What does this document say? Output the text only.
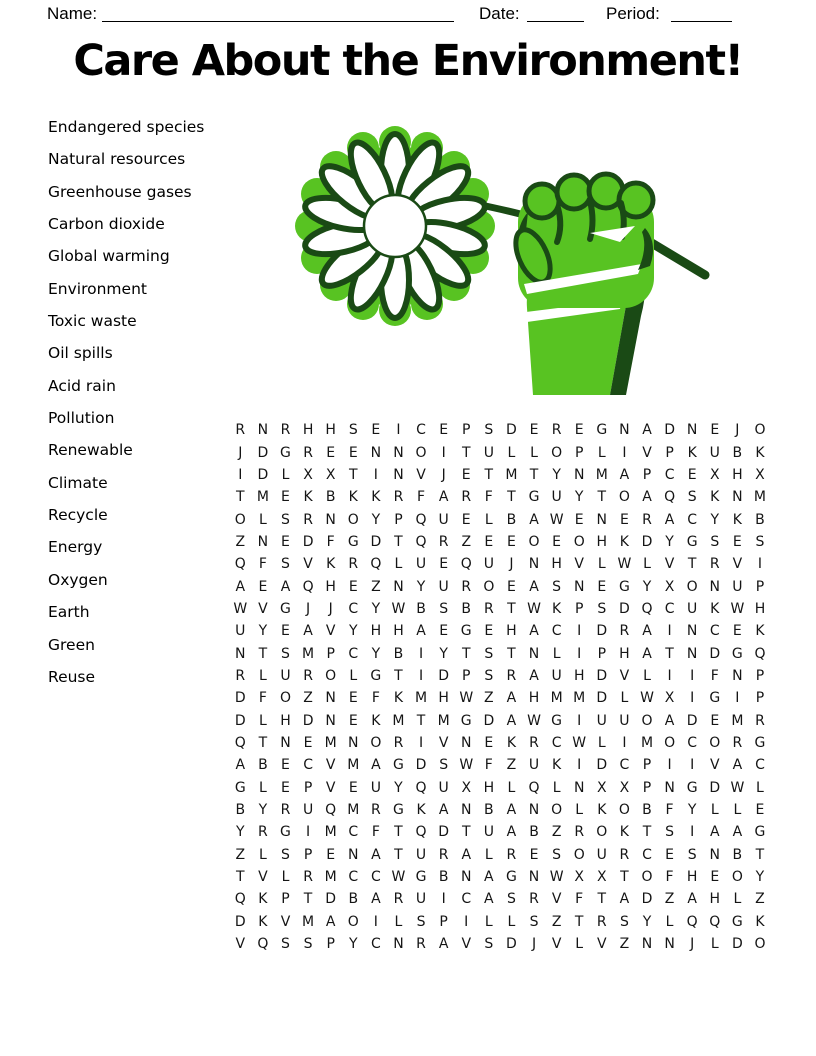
Name:	Date:	Period:
Care About the Environment!
Endangered species
Natural resources
Greenhouse gases
Carbon dioxide
Global warming
Environment
Toxic waste
Oil spills
Acid rain
Pollution
Renewable
Climate
Recycle
Energy
Oxygen
Earth
Green
Reuse
R N R H H S E	I	C E P S D E R E G N A D N E	J	O
J	D G R E E N N O	I	T U L	L O P	L	I	V P K U B K
I	D L X X T	I	N V	J	E T M T	Y N M A P C E X H X
T M E K B K K R F A R F	T G U Y	T O A Q S K N M
O L	S R N O Y	P Q U E	L B A W E N E R A C Y K B
Z N E D F G D T Q R Z E E O E O H K D Y G S E S
Q F	S V K R Q L U E Q U	J	N H V L W L V T R V	I
A E A Q H E Z N Y U R O E A S N E G Y X O N U P
W V G	J	J	C Y W B S B R T W K P S D Q C U K W H
U Y E A V Y H H A E G E H A C	I	D R A	I	N C E K
N T S M P C Y B	I	Y	T S T N L	I	P H A T N D G Q
R L U R O L G T	I	D P S R A U H D V L	I	I	F N P
D F O Z N E	F K M H W Z A H M M D L W X	I	G	I	P
D L H D N E K M T M G D A W G	I	U U O A D E M R
Q T N E M N O R	I	V N E K R C W L	I	M O C O R G
A B E C V M A G D S W F Z U K	I	D C P	I	I	V A C
G L	E P V E U Y Q U X H L Q L N X X P N G D W L
B Y R U Q M R G K A N B A N O L	K O B F	Y	L	L	E
Y R G	I	M C F	T Q D T U A B Z R O K T S	I	A A G
Z L	S P E N A T U R A L R E S O U R C E S N B T
T V L R M C C W G B N A G N W X X T O F H E O Y
Q K P	T D B A R U	I	C A S R V F	T A D Z A H L Z
D K V M A O	I	L	S P	I	L	L	S Z T R S Y	L Q Q G K
V Q S S P	Y C N R A V S D	J	V L V Z N N	J	L D O
